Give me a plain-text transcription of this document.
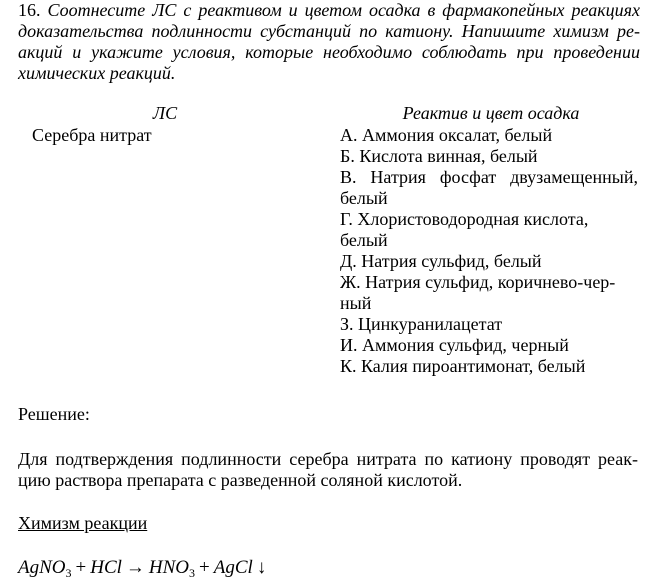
16. Соотнесите ЛС с реактивом и цветом осадка в фармакопейных реакциях
доказательства подлинности субстанций по катиону. Напишите химизм ре-
акций и укажите условия, которые необходимо соблюдать при проведении
химических реакций.
ЛС	Реактив и цвет осадка
Серебра нитрат	А. Аммония оксалат, белый
Б. Кислота винная, белый
В. Натрия фосфат двузамещенный,
белый
Г. Хлористоводородная кислота,
белый
Д. Натрия сульфид, белый
Ж. Натрия сульфид, коричнево-чер-
ный
З. Цинкуранилацетат
И. Аммония сульфид, черный
К. Калия пироантимонат, белый
Решение:
Для подтверждения подлинности серебра нитрата по катиону проводят реак-
цию раствора препарата с разведенной соляной кислотой.
Химизм реакции
AgNO$_3$ + HCl → $HNO_3$ + AgCl ↓
